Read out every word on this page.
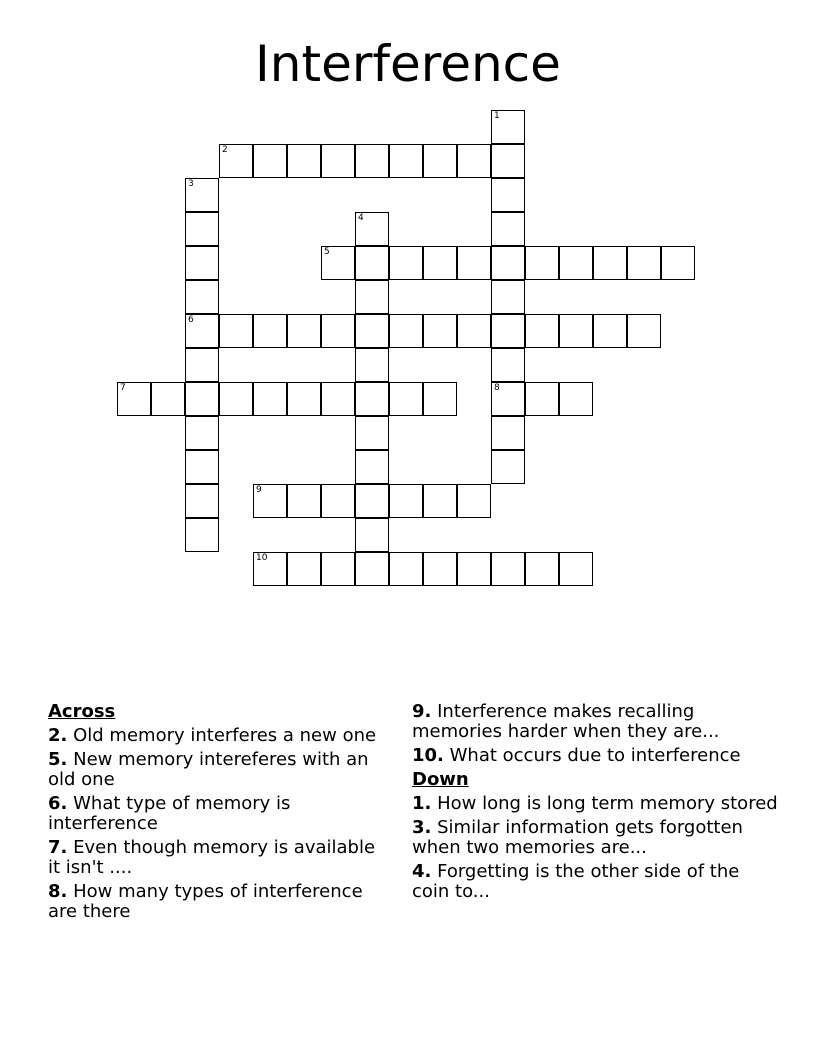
Interference
1
8
2
3
6
4
5
7
9
10
Across
2. Old memory interferes a new one
5. New memory intereferes with an old one
6. What type of memory is interference
7. Even though memory is available it isn't ....
8. How many types of interference are there
9. Interference makes recalling memories harder when they are...
10. What occurs due to interference
Down
1. How long is long term memory stored
3. Similar information gets forgotten when two memories are...
4. Forgetting is the other side of the coin to...
